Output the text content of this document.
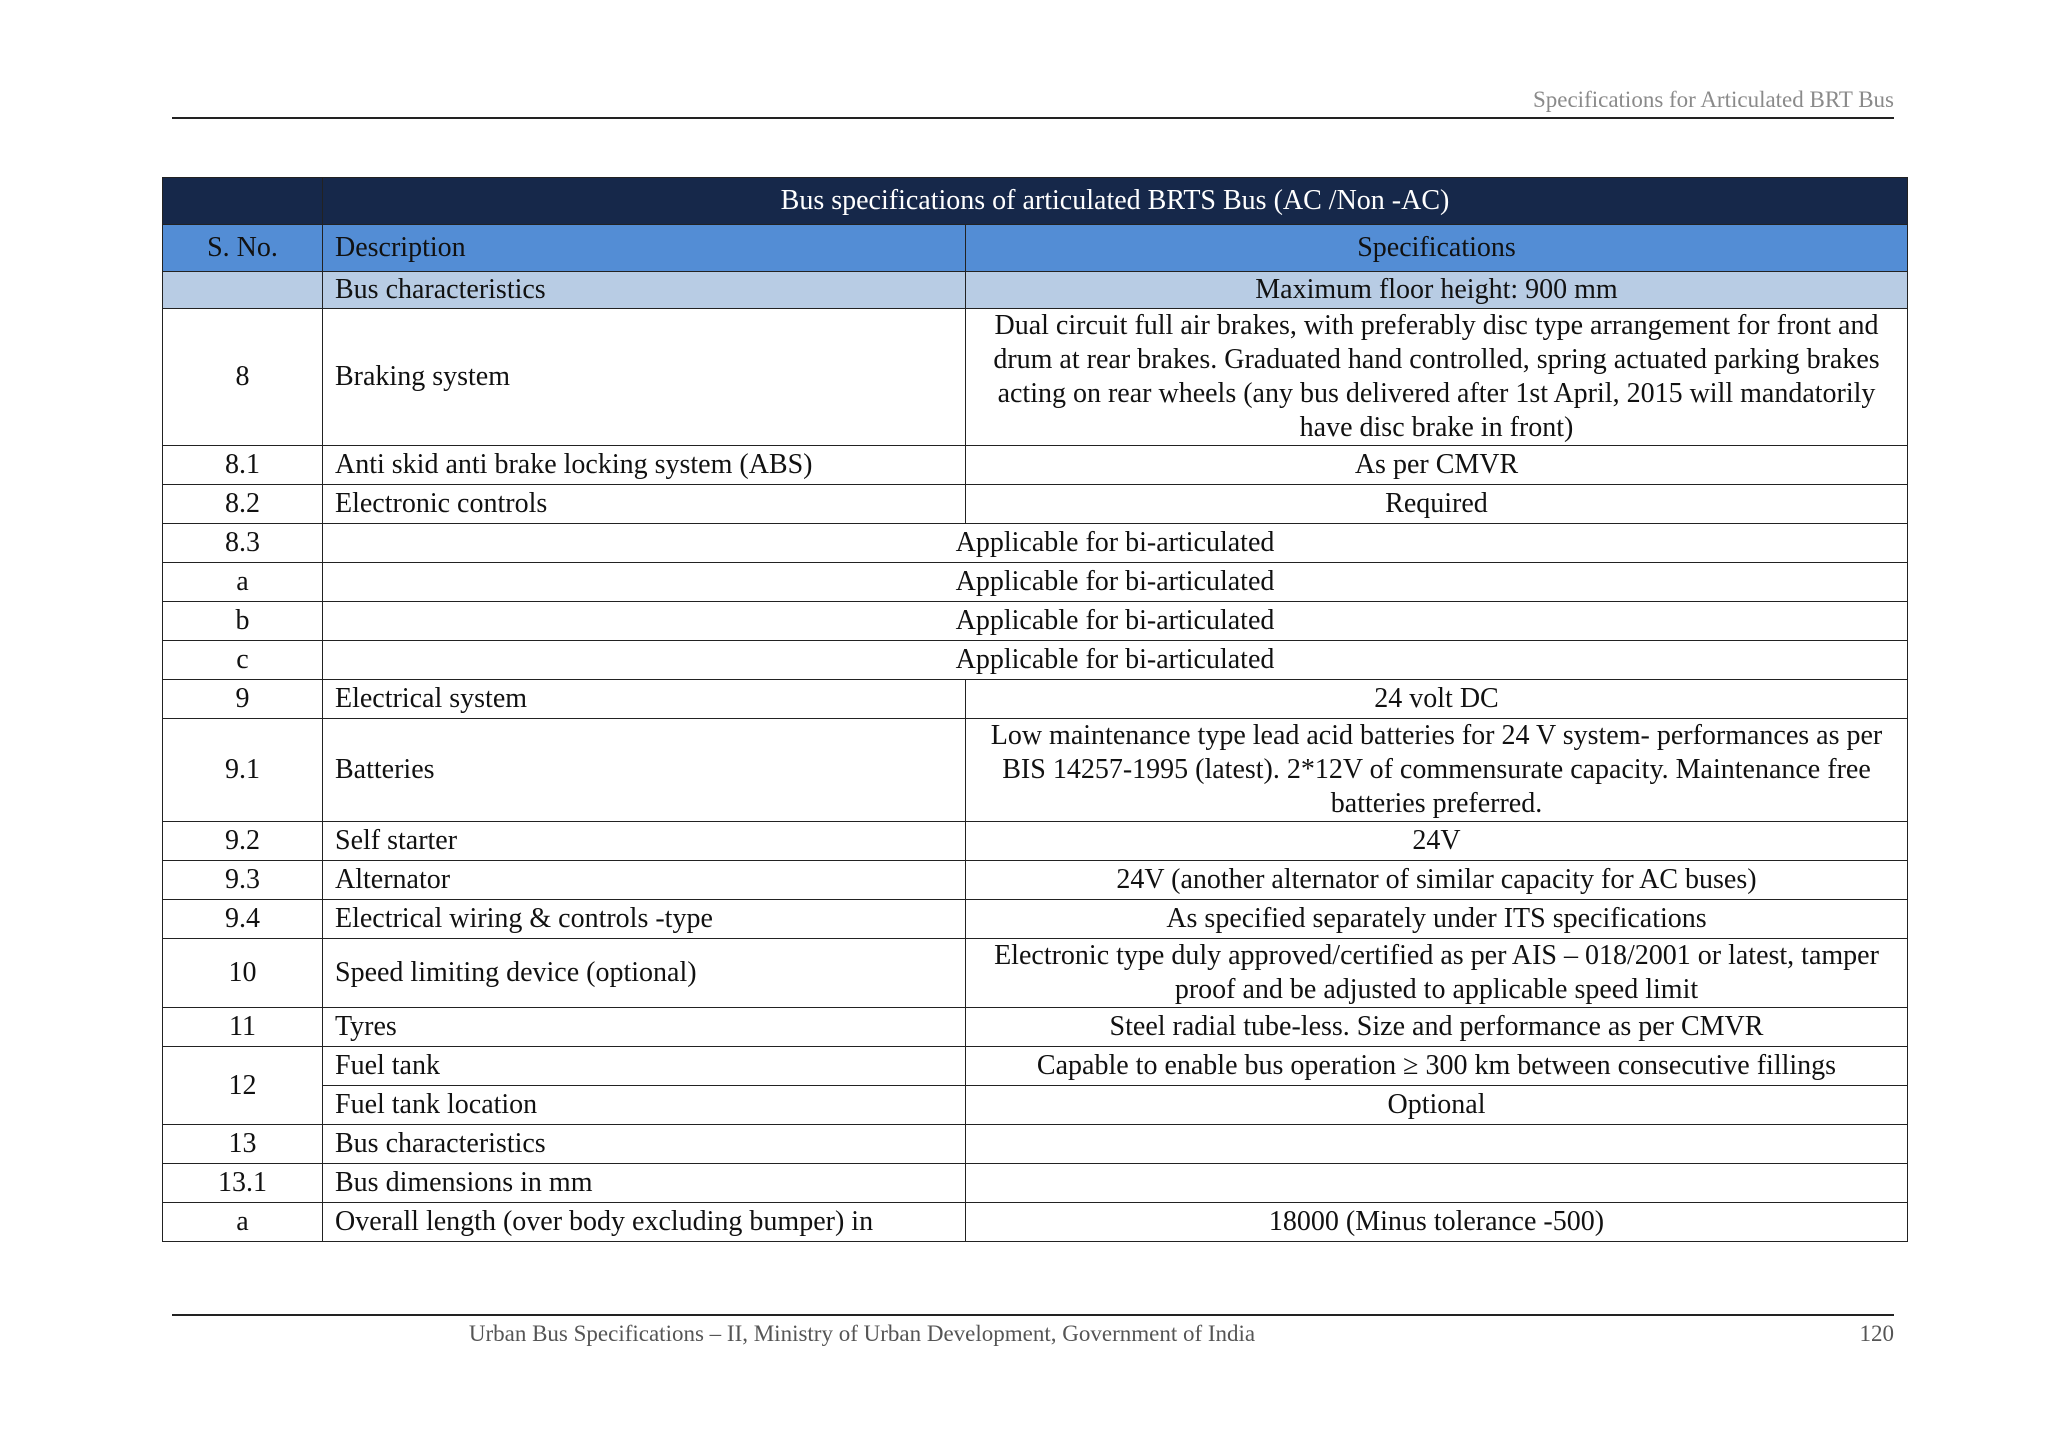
Specifications for Articulated BRT Bus
	Bus specifications of articulated BRTS Bus (AC /Non -AC)	
S. No.	Description	Specifications
	Bus characteristics	Maximum floor height: 900 mm
8	Braking system	Dual circuit full air brakes, with preferably disc type arrangement for front and drum at rear brakes. Graduated hand controlled, spring actuated parking brakes acting on rear wheels (any bus delivered after 1st April, 2015 will mandatorily have disc brake in front)
8.1	Anti skid anti brake locking system (ABS)	As per CMVR
8.2	Electronic controls	Required
8.3	Applicable for bi-articulated	
a	Applicable for bi-articulated	
b	Applicable for bi-articulated	
c	Applicable for bi-articulated	
9	Electrical system	24 volt DC
9.1	Batteries	Low maintenance type lead acid batteries for 24 V system- performances as per BIS 14257-1995 (latest). 2*12V of commensurate capacity. Maintenance free batteries preferred.
9.2	Self starter	24V
9.3	Alternator	24V (another alternator of similar capacity for AC buses)
9.4	Electrical wiring & controls -type	As specified separately under ITS specifications
10	Speed limiting device (optional)	Electronic type duly approved/certified as per AIS – 018/2001 or latest, tamper proof and be adjusted to applicable speed limit
11	Tyres	Steel radial tube-less. Size and performance as per CMVR
12	Fuel tank	Capable to enable bus operation ≥ 300 km between consecutive fillings
	Fuel tank location	Optional
13	Bus characteristics	
13.1	Bus dimensions in mm	
a	Overall length (over body excluding bumper) in	18000 (Minus tolerance -500)
Urban Bus Specifications – II, Ministry of Urban Development, Government of India	120
